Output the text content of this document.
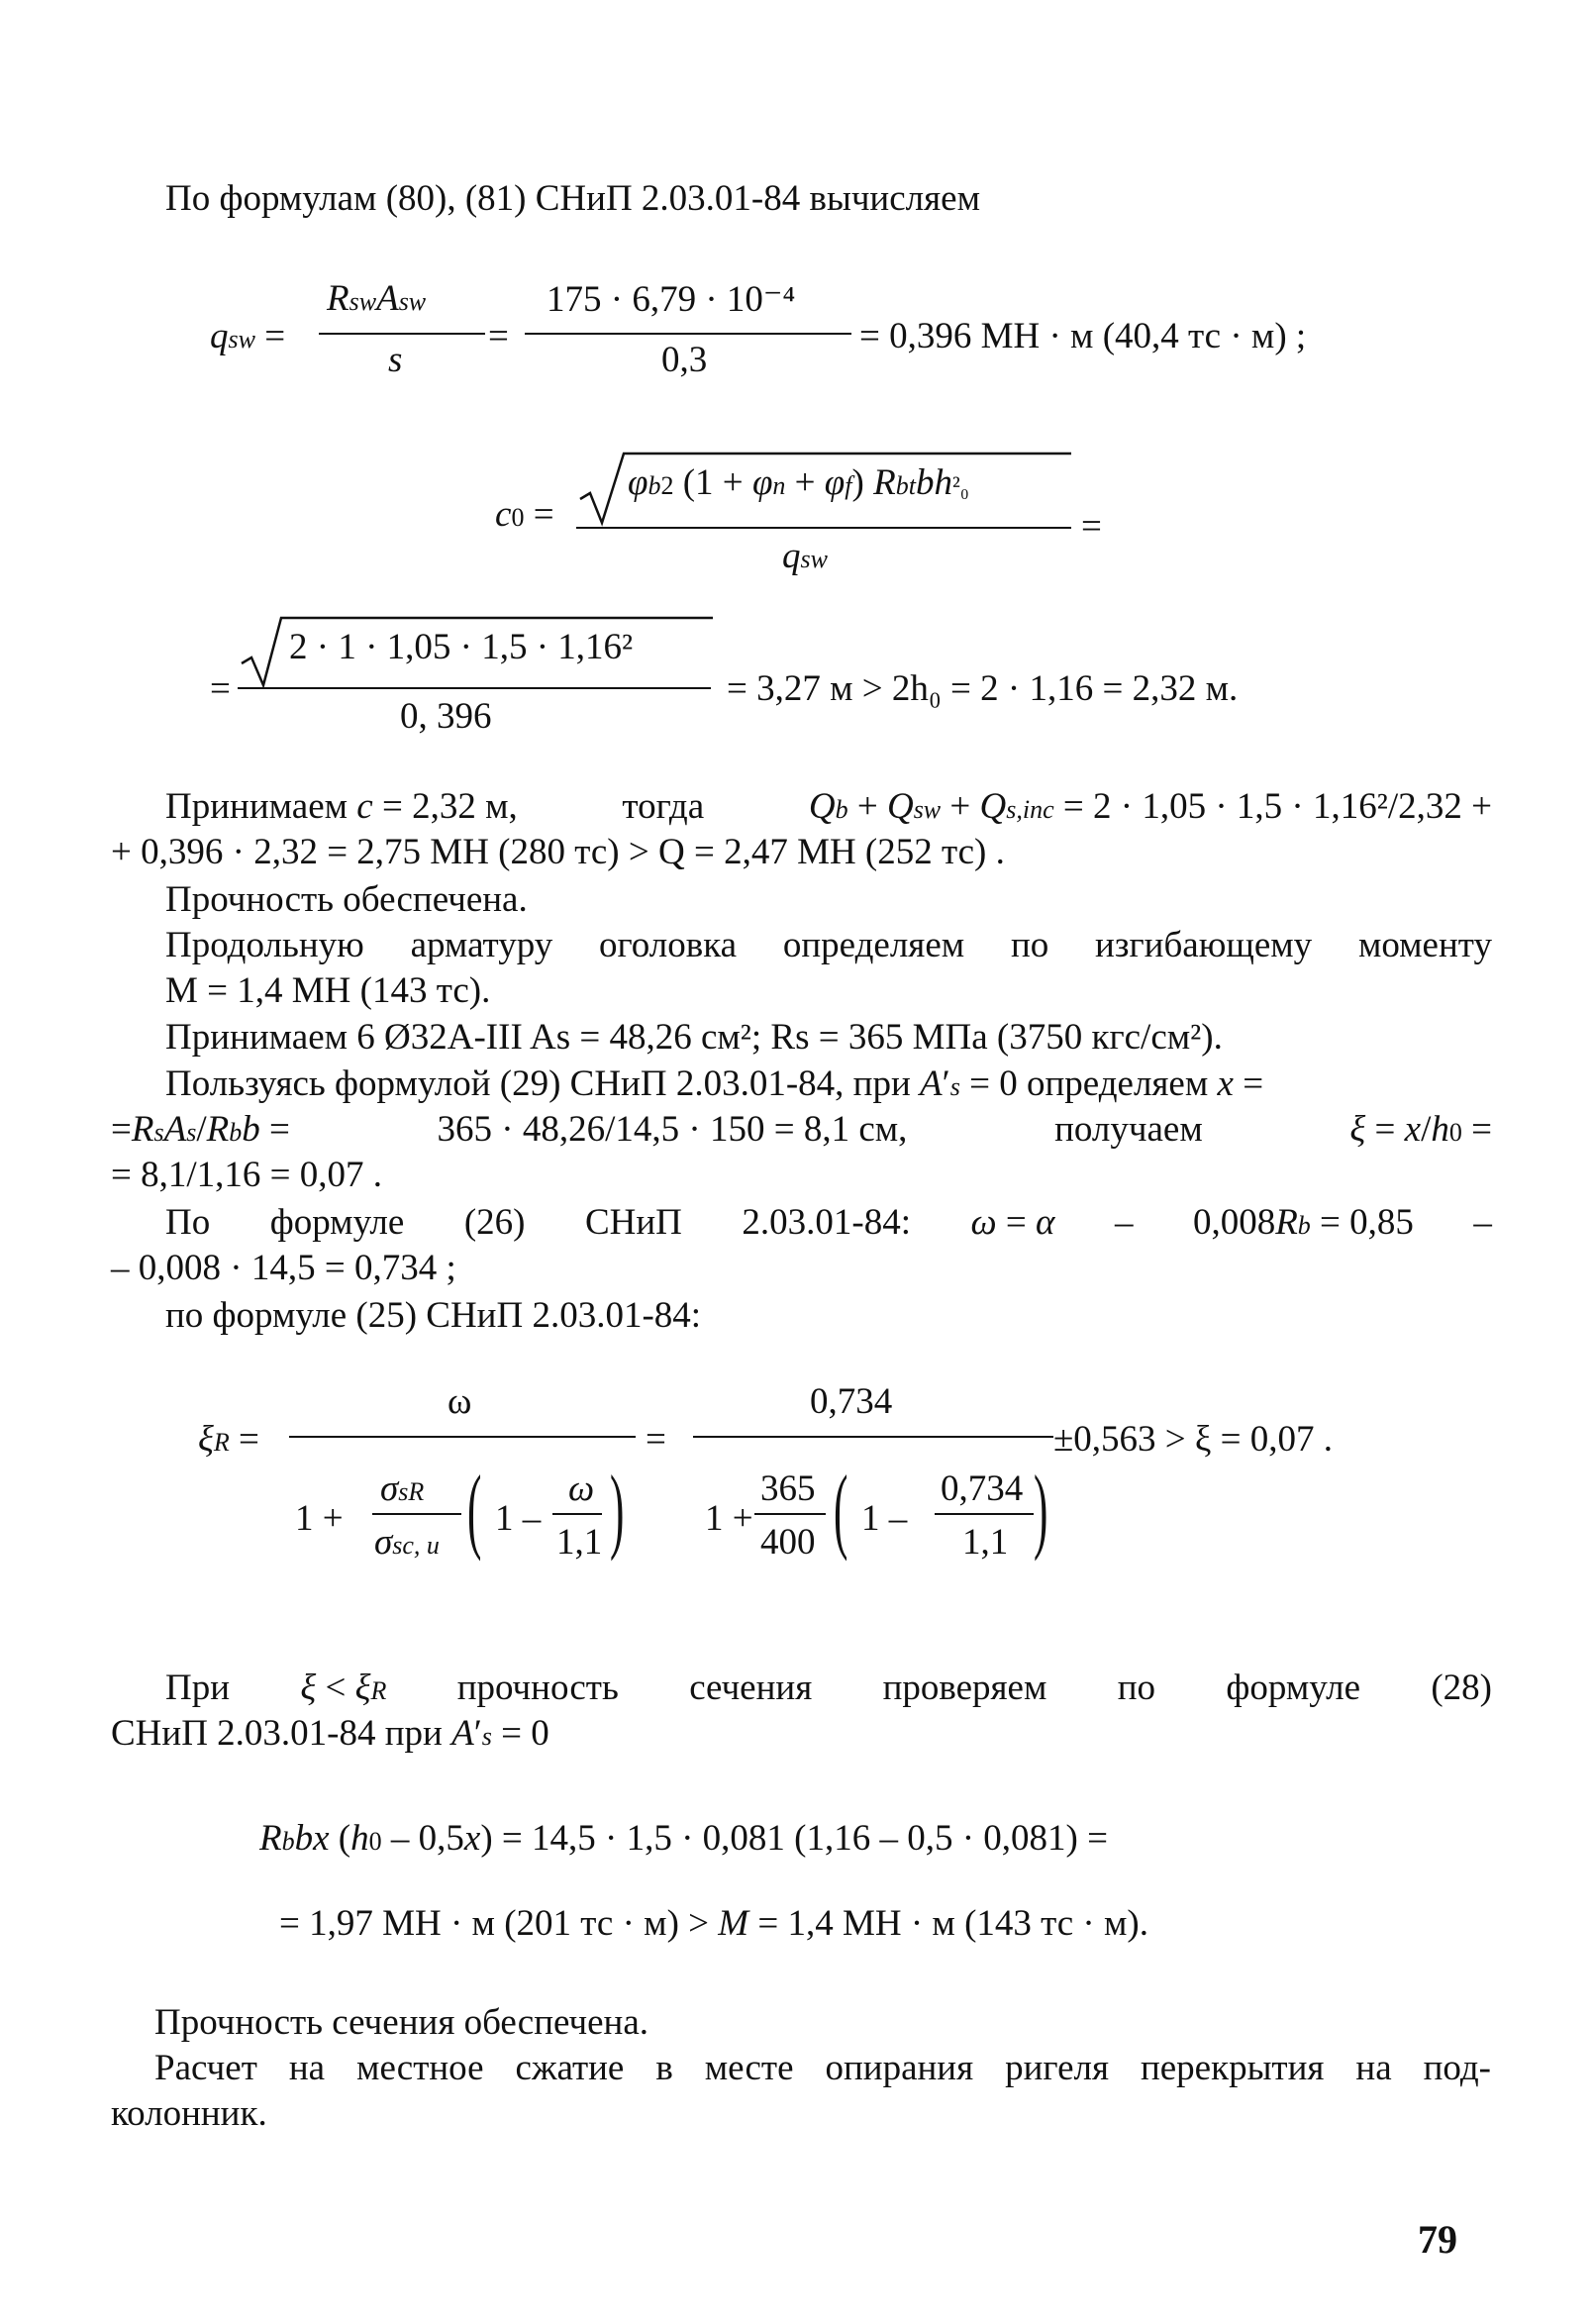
По формулам (80), (81) СНиП 2.03.01-84 вычисляем
qsw =
RswAsw
s
=
175 · 6,79 · 10⁻⁴
0,3
= 0,396 МН · м (40,4 тс · м) ;
c0 =
φb2 (1 + φn + φf) Rbtbh²₀
qsw
=
=
2 · 1 · 1,05 · 1,5 · 1,16²
0, 396
= 3,27 м > 2h₀ = 2 · 1,16 = 2,32 м.
Принимаем c = 2,32 м,	тогда	Qb + Qsw + Qs,inc = 2 · 1,05 · 1,5 · 1,16²/2,32 +
+ 0,396 · 2,32 = 2,75 МН (280 тс) > Q = 2,47 МН (252 тс) .
Прочность обеспечена.
Продольную арматуру оголовка определяем по изгибающему моменту
M = 1,4 МН (143 тс).
Принимаем 6 Ø32А-III As = 48,26 см²; Rs = 365 МПа (3750 кгс/см²).
Пользуясь формулой (29) СНиП 2.03.01-84, при A′s = 0 определяем x =
=RsAs/Rbb =	365 · 48,26/14,5 · 150 = 8,1 см,	получаем	ξ = x/h0 =
= 8,1/1,16 = 0,07 .
По формуле (26) СНиП 2.03.01-84: ω = α – 0,008Rb = 0,85 –
– 0,008 · 14,5 = 0,734 ;
по формуле (25) СНиП 2.03.01-84:
ξR =
ω
1 +
σsR
σsc, u ( 1 –
ω
1,1 )
=
0,734
1 +
365
400 ( 1 –
0,734
1,1 )
±0,563 > ξ = 0,07 .
При ξ < ξR прочность сечения проверяем по формуле (28)
СНиП 2.03.01-84 при A′s = 0
Rbbx (h0 – 0,5x) = 14,5 · 1,5 · 0,081 (1,16 – 0,5 · 0,081) =
= 1,97 МН · м (201 тс · м) > M = 1,4 МН · м (143 тс · м).
Прочность сечения обеспечена.
Расчет на местное сжатие в месте опирания ригеля перекрытия на под-
колонник.
79
